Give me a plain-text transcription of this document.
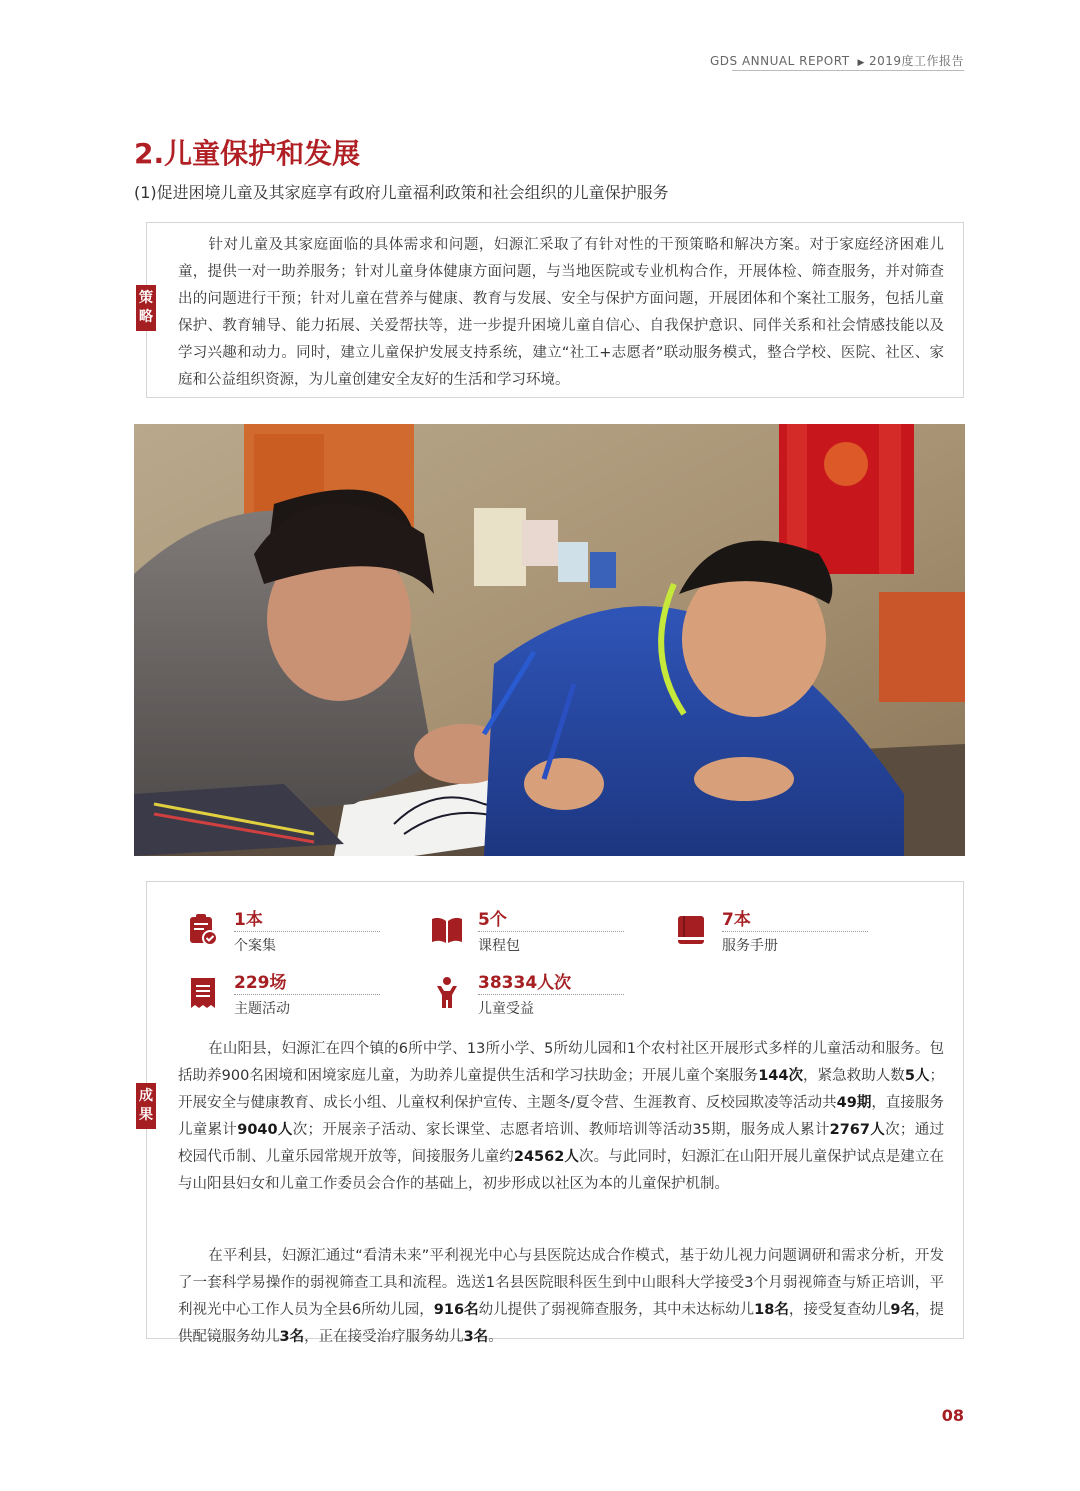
GDS ANNUAL REPORT ▶ 2019度工作报告
2.儿童保护和发展
(1)促进困境儿童及其家庭享有政府儿童福利政策和社会组织的儿童保护服务
策略
针对儿童及其家庭面临的具体需求和问题，妇源汇采取了有针对性的干预策略和解决方案。对于家庭经济困难儿童，提供一对一助养服务；针对儿童身体健康方面问题，与当地医院或专业机构合作，开展体检、筛查服务，并对筛查出的问题进行干预；针对儿童在营养与健康、教育与发展、安全与保护方面问题，开展团体和个案社工服务，包括儿童保护、教育辅导、能力拓展、关爱帮扶等，进一步提升困境儿童自信心、自我保护意识、同伴关系和社会情感技能以及学习兴趣和动力。同时，建立儿童保护发展支持系统，建立“社工+志愿者”联动服务模式，整合学校、医院、社区、家庭和公益组织资源，为儿童创建安全友好的生活和学习环境。
成果
1本
个案集
5个
课程包
7本
服务手册
229场
主题活动
38334人次
儿童受益
在山阳县，妇源汇在四个镇的6所中学、13所小学、5所幼儿园和1个农村社区开展形式多样的儿童活动和服务。包括助养900名困境和困境家庭儿童，为助养儿童提供生活和学习扶助金；开展儿童个案服务144次，紧急救助人数5人；开展安全与健康教育、成长小组、儿童权利保护宣传、主题冬/夏令营、生涯教育、反校园欺凌等活动共49期，直接服务儿童累计9040人次；开展亲子活动、家长课堂、志愿者培训、教师培训等活动35期，服务成人累计2767人次；通过校园代币制、儿童乐园常规开放等，间接服务儿童约24562人次。与此同时，妇源汇在山阳开展儿童保护试点是建立在与山阳县妇女和儿童工作委员会合作的基础上，初步形成以社区为本的儿童保护机制。
在平利县，妇源汇通过“看清未来”平利视光中心与县医院达成合作模式，基于幼儿视力问题调研和需求分析，开发了一套科学易操作的弱视筛查工具和流程。选送1名县医院眼科医生到中山眼科大学接受3个月弱视筛查与矫正培训，平利视光中心工作人员为全县6所幼儿园，916名幼儿提供了弱视筛查服务，其中未达标幼儿18名，接受复查幼儿9名，提供配镜服务幼儿3名，正在接受治疗服务幼儿3名。
08
